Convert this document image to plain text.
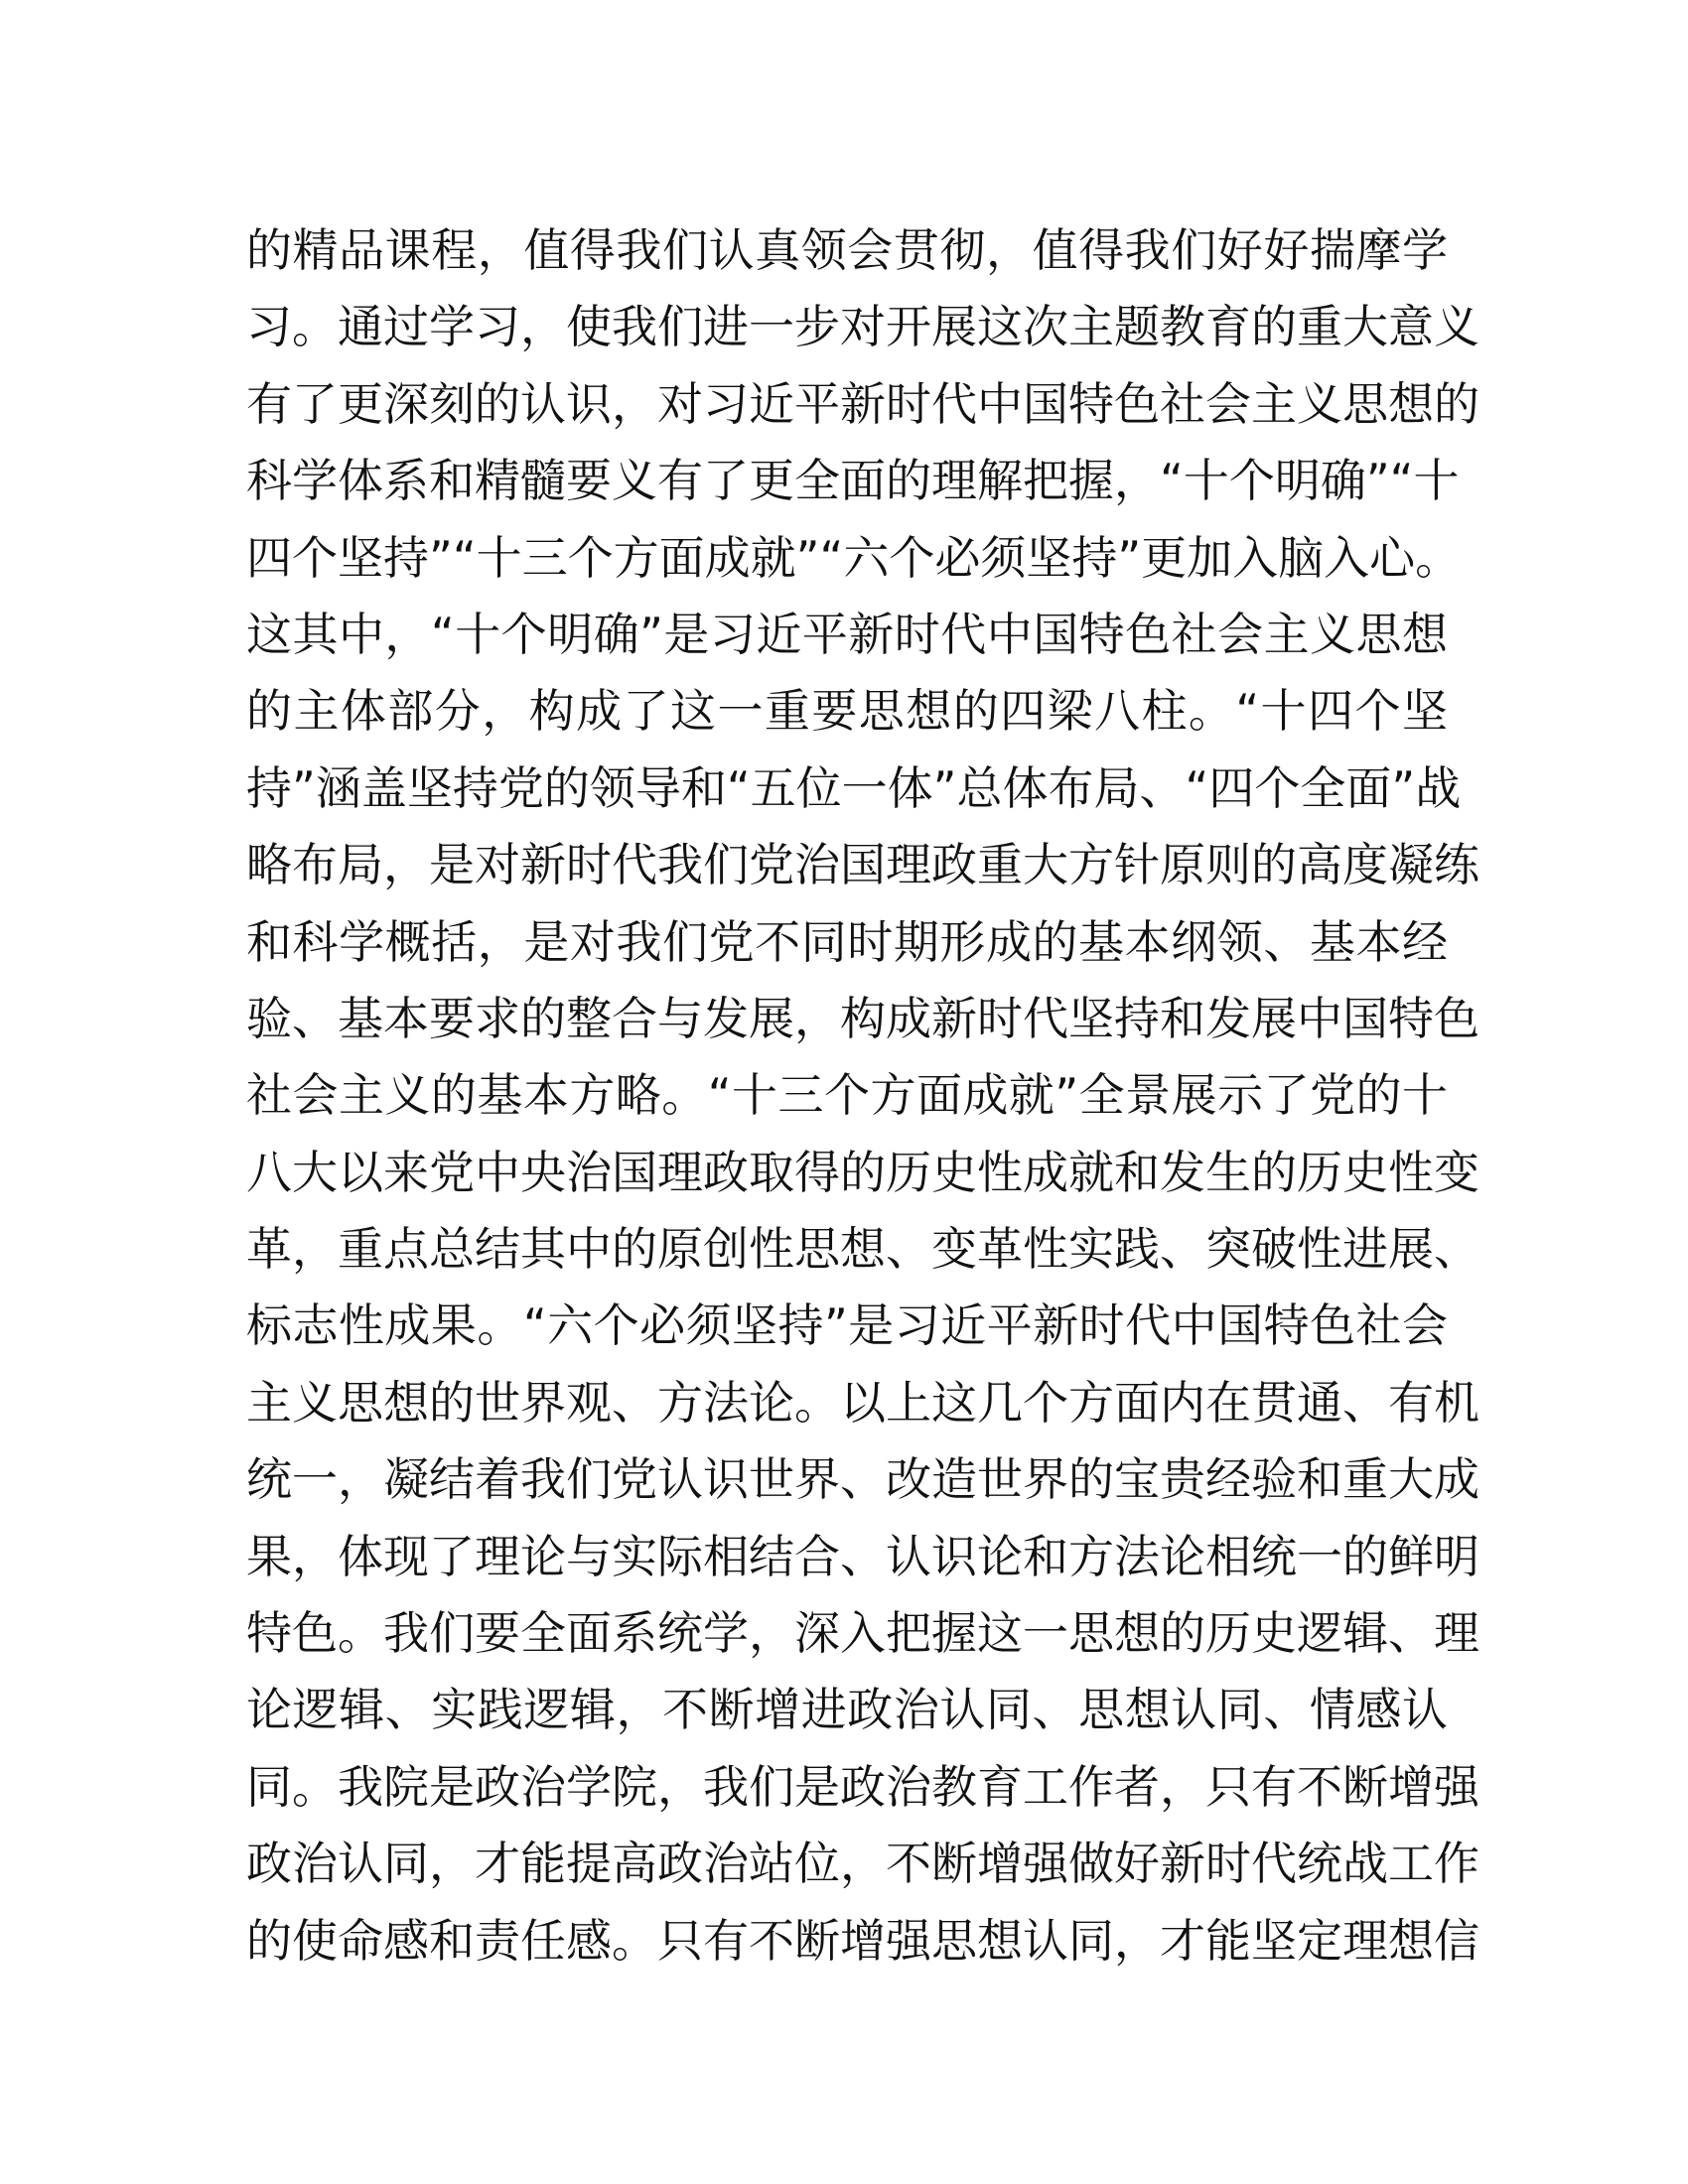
的精品课程，值得我们认真领会贯彻，值得我们好好揣摩学
习。通过学习，使我们进一步对开展这次主题教育的重大意义
有了更深刻的认识，对习近平新时代中国特色社会主义思想的
科学体系和精髓要义有了更全面的理解把握，“十个明确”“十
四个坚持”“十三个方面成就”“六个必须坚持”更加入脑入心。
这其中，“十个明确”是习近平新时代中国特色社会主义思想
的主体部分，构成了这一重要思想的四梁八柱。“十四个坚
持”涵盖坚持党的领导和“五位一体”总体布局、“四个全面”战
略布局，是对新时代我们党治国理政重大方针原则的高度凝练
和科学概括，是对我们党不同时期形成的基本纲领、基本经
验、基本要求的整合与发展，构成新时代坚持和发展中国特色
社会主义的基本方略。“十三个方面成就”全景展示了党的十
八大以来党中央治国理政取得的历史性成就和发生的历史性变
革，重点总结其中的原创性思想、变革性实践、突破性进展、
标志性成果。“六个必须坚持”是习近平新时代中国特色社会
主义思想的世界观、方法论。以上这几个方面内在贯通、有机
统一，凝结着我们党认识世界、改造世界的宝贵经验和重大成
果，体现了理论与实际相结合、认识论和方法论相统一的鲜明
特色。我们要全面系统学，深入把握这一思想的历史逻辑、理
论逻辑、实践逻辑，不断增进政治认同、思想认同、情感认
同。我院是政治学院，我们是政治教育工作者，只有不断增强
政治认同，才能提高政治站位，不断增强做好新时代统战工作
的使命感和责任感。只有不断增强思想认同，才能坚定理想信
